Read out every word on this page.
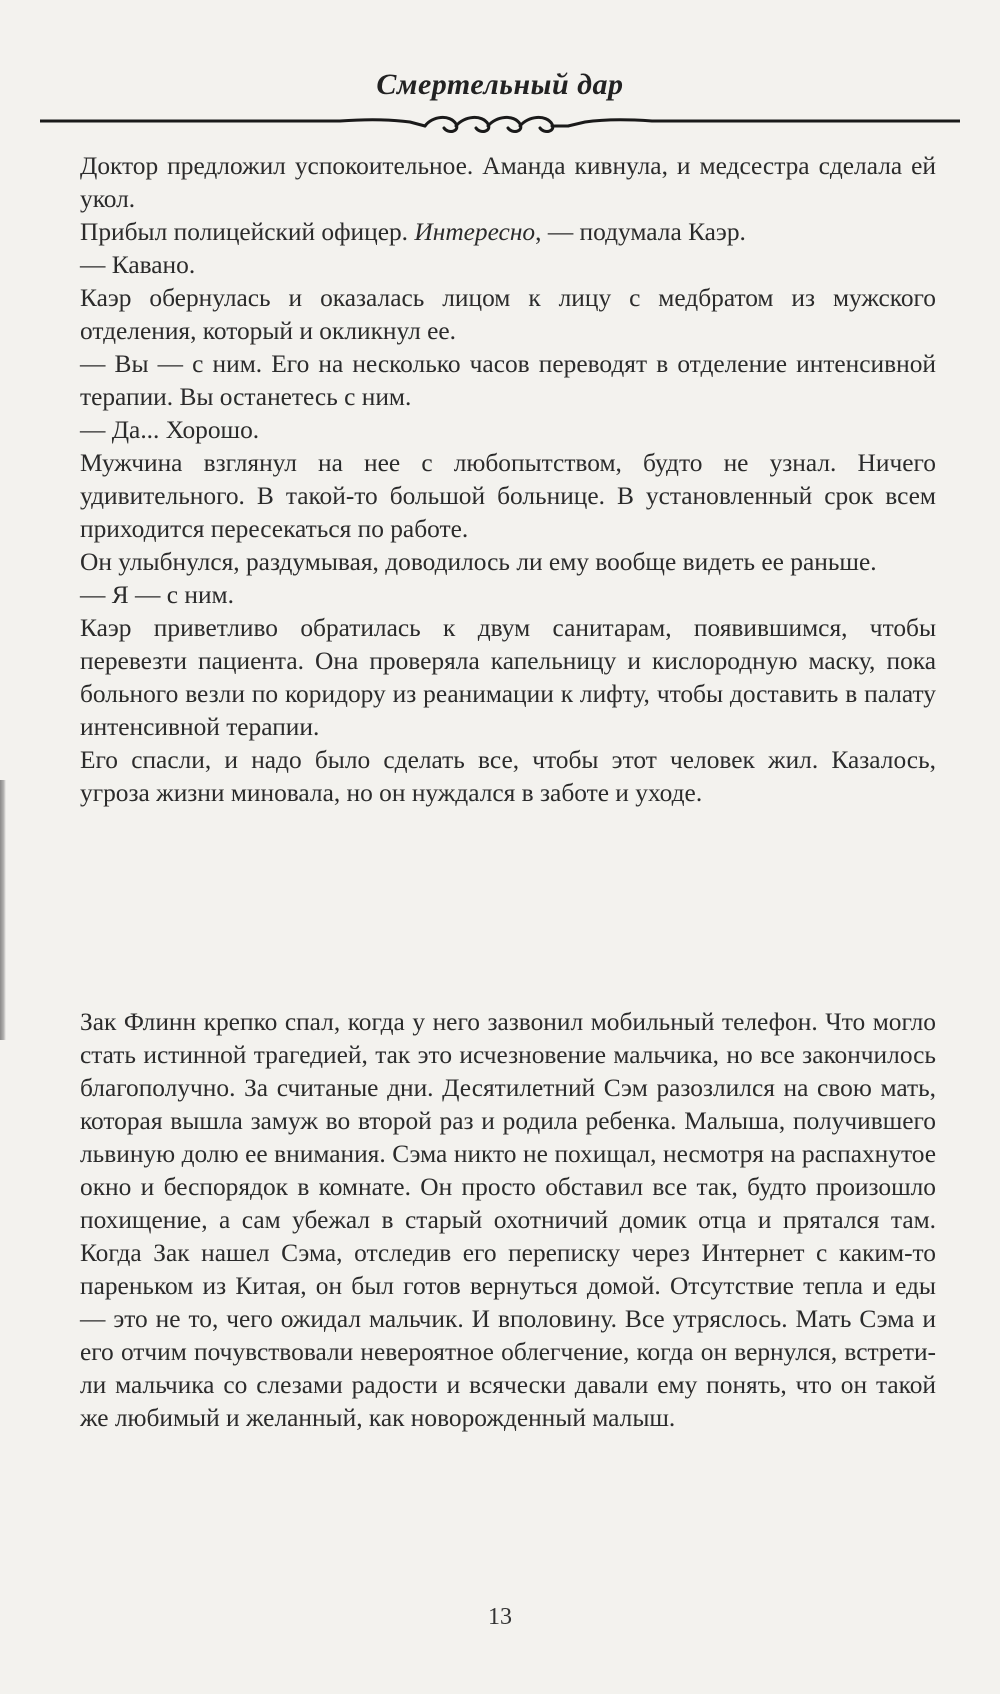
Смертельный дар

Доктор предложил успокоительное. Аманда кивнула, и медсестра сделала ей укол.

Прибыл полицейский офицер. Интересно, — подумала Каэр.

— Кавано.

Каэр обернулась и оказалась лицом к лицу с медбратом из мужского отделения, который и окликнул ее.

— Вы — с ним. Его на несколько часов переводят в отделение интенсивной терапии. Вы останетесь с ним.

— Да... Хорошо.

Мужчина взглянул на нее с любопытством, будто не узнал. Ничего удивительного. В такой-то большой больнице. В установленный срок всем приходится пересекаться по работе.

Он улыбнулся, раздумывая, доводилось ли ему вообще видеть ее раньше.

— Я — с ним.

Каэр приветливо обратилась к двум санитарам, появившимся, чтобы перевезти пациента. Она проверяла капельницу и кислородную маску, пока больного везли по коридору из реанимации к лифту, чтобы доставить в палату интенсивной терапии.

Его спасли, и надо было сделать все, чтобы этот человек жил. Казалось, угроза жизни миновала, но он нуждался в заботе и уходе.

Зак Флинн крепко спал, когда у него зазвонил мобильный телефон. Что могло стать истинной трагедией, так это исчезновение мальчика, но все закончилось благополучно. За считаные дни. Десятилетний Сэм разозлился на свою мать, которая вышла замуж во второй раз и родила ребенка. Малыша, получившего львиную долю ее внимания. Сэма никто не похищал, несмотря на распахнутое окно и беспорядок в комнате. Он просто обставил все так, будто произошло похищение, а сам убежал в старый охотничий домик отца и прятался там. Когда Зак нашел Сэма, отследив его переписку через Интернет с каким-то пареньком из Китая, он был готов вернуться домой. Отсутствие тепла и еды — это не то, чего ожидал мальчик. И вполовину. Все утряслось. Мать Сэма и его отчим почувствовали невероятное облегчение, когда он вернулся, встретили мальчика со слезами радости и всячески давали ему понять, что он такой же любимый и желанный, как новорожденный малыш.

13
